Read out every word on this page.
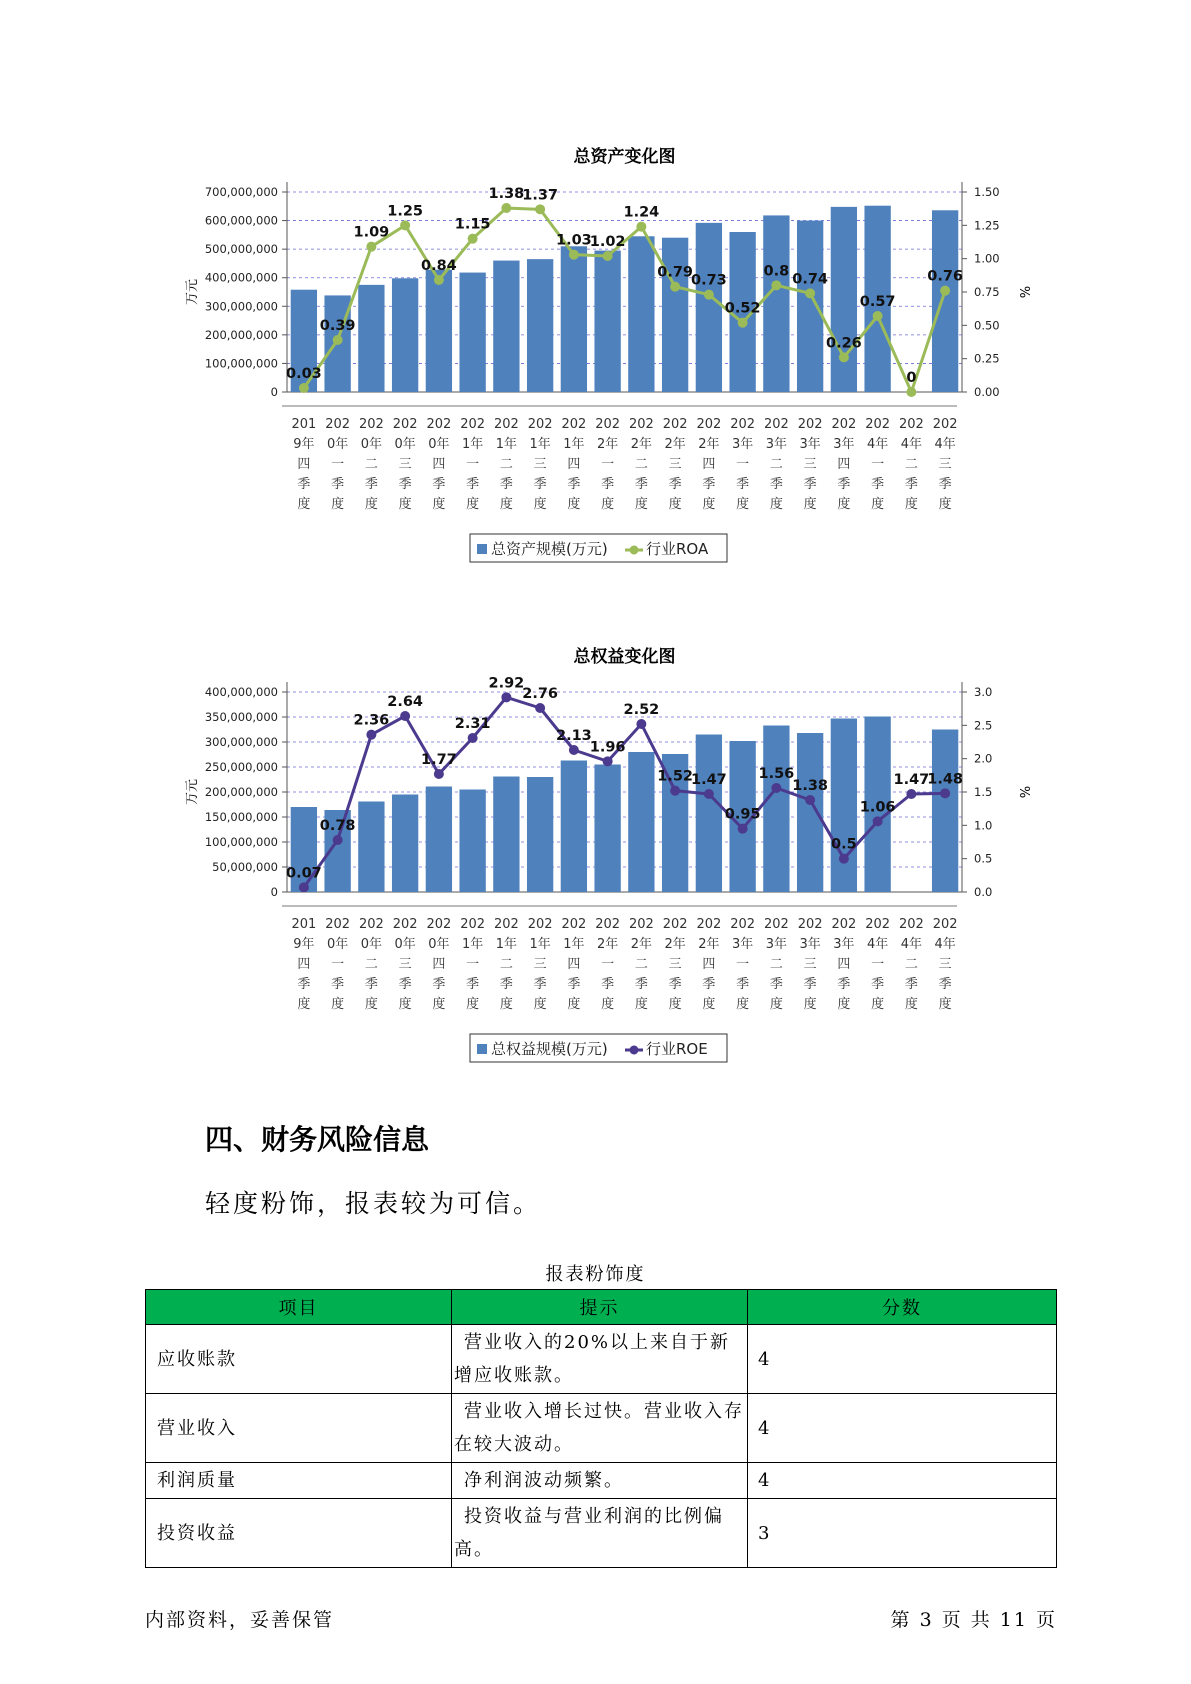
总资产变化图
0
100,000,000
200,000,000
300,000,000
400,000,000
500,000,000
600,000,000
700,000,000
0.00
0.25
0.50
0.75
1.00
1.25
1.50
万元	%
0.03
0.39
1.09
1.25
0.84
1.15
1.38
1.37
1.03
1.02
1.24
0.79
0.73
0.52
0.8 0.74
0.26
0.57
0
0.76
201 9年四季度
202 0年一季度
202 0年二季度
202 0年三季度
202 0年四季度
202 1年一季度
202 1年二季度
202 1年三季度
202 1年四季度
202 2年一季度
202 2年二季度
202 2年三季度
202 2年四季度
202 3年一季度
202 3年二季度
202 3年三季度
202 3年四季度
202 4年一季度
202 4年二季度
202 4年三季度
总资产规模(万元)	行业ROA
总权益变化图
0
50,000,000
100,000,000
150,000,000
200,000,000
250,000,000
300,000,000
350,000,000
400,000,000
0.0
0.5
1.0
1.5
2.0
2.5
3.0
万元	%
0.07
0.78
2.36
2.64
1.77
2.31
2.92
2.76
2.13
1.96
2.52
1.52
1.47
0.95
1.56
1.38
0.5
1.06
1.47
1.48
201 9年四季度
202 0年一季度
202 0年二季度
202 0年三季度
202 0年四季度
202 1年一季度
202 1年二季度
202 1年三季度
202 1年四季度
202 2年一季度
202 2年二季度
202 2年三季度
202 2年四季度
202 3年一季度
202 3年二季度
202 3年三季度
202 3年四季度
202 4年一季度
202 4年二季度
202 4年三季度
总权益规模(万元)	行业ROE
四、财务风险信息
轻度粉饰，报表较为可信。
报表粉饰度
项目	提示	分数
应收账款	营业收入的20%以上来自于新增应收账款。	4
营业收入	营业收入增长过快。营业收入存在较大波动。	4
利润质量	净利润波动频繁。	4
投资收益	投资收益与营业利润的比例偏高。	3
内部资料，妥善保管	第 3 页 共 11 页
